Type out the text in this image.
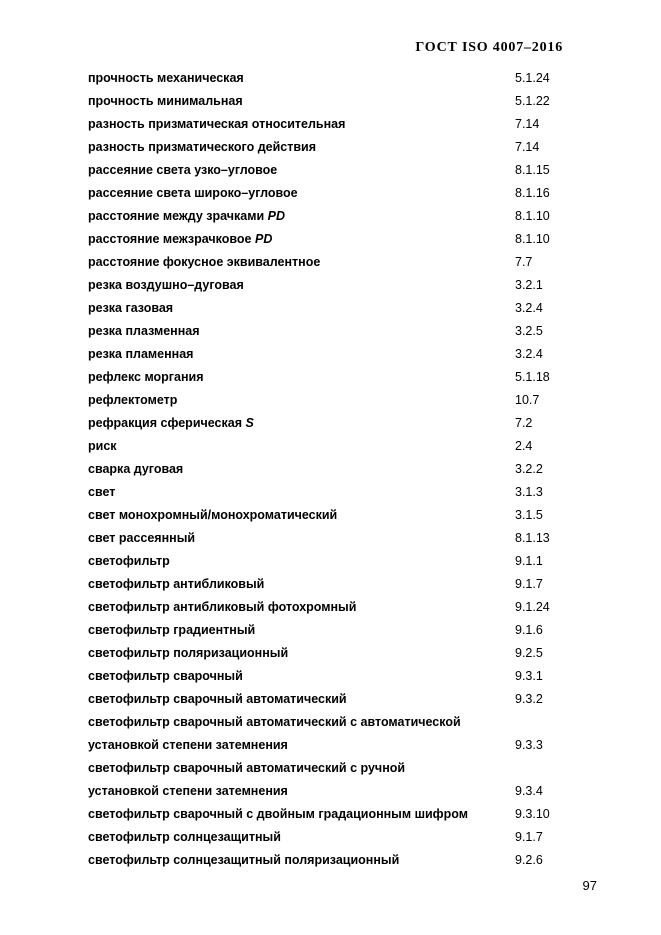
ГОСТ ISO 4007–2016
прочность механическая	5.1.24
прочность минимальная	5.1.22
разность призматическая относительная	7.14
разность призматического действия	7.14
рассеяние света узко–угловое	8.1.15
рассеяние света широко–угловое	8.1.16
расстояние между зрачками PD	8.1.10
расстояние межзрачковое PD	8.1.10
расстояние фокусное эквивалентное	7.7
резка воздушно–дуговая	3.2.1
резка газовая	3.2.4
резка плазменная	3.2.5
резка пламенная	3.2.4
рефлекс моргания	5.1.18
рефлектометр	10.7
рефракция сферическая S	7.2
риск	2.4
сварка дуговая	3.2.2
свет	3.1.3
свет монохромный/монохроматический	3.1.5
свет рассеянный	8.1.13
светофильтр	9.1.1
светофильтр антибликовый	9.1.7
светофильтр антибликовый фотохромный	9.1.24
светофильтр градиентный	9.1.6
светофильтр поляризационный	9.2.5
светофильтр сварочный	9.3.1
светофильтр сварочный автоматический	9.3.2
светофильтр сварочный автоматический с автоматической
установкой степени затемнения	9.3.3
светофильтр сварочный автоматический с ручной
установкой степени затемнения	9.3.4
светофильтр сварочный с двойным градационным шифром	9.3.10
светофильтр солнцезащитный	9.1.7
светофильтр солнцезащитный поляризационный	9.2.6
97
